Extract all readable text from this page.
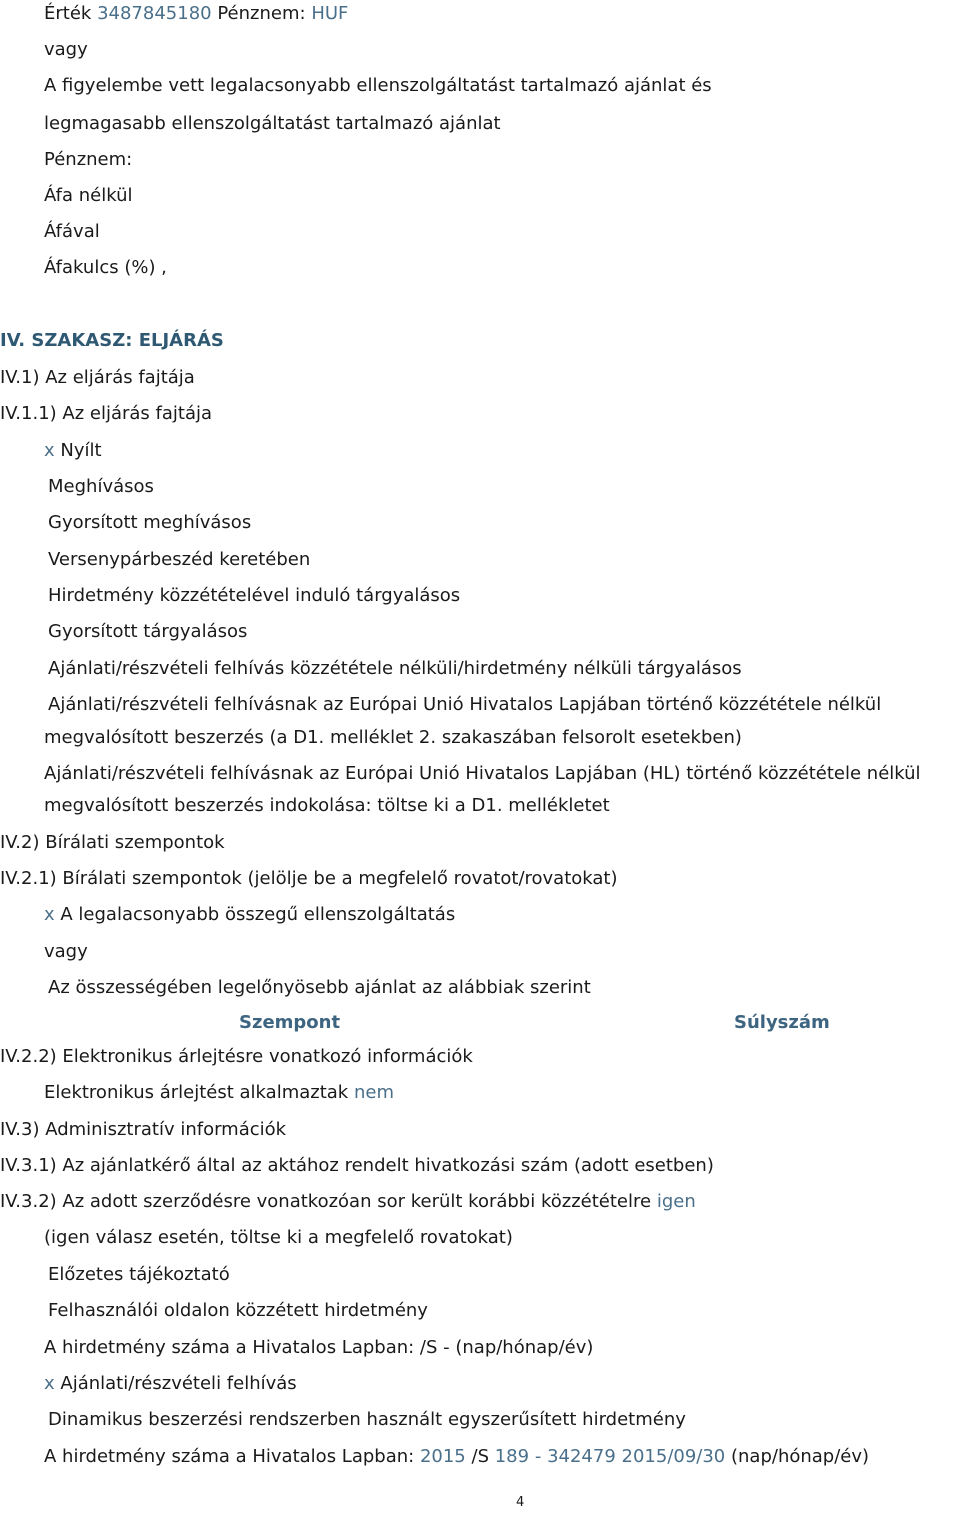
Érték 3487845180 Pénznem: HUF
vagy
A figyelembe vett legalacsonyabb ellenszolgáltatást tartalmazó ajánlat és
legmagasabb ellenszolgáltatást tartalmazó ajánlat
Pénznem:
Áfa nélkül
Áfával
Áfakulcs (%) ,
IV. SZAKASZ: ELJÁRÁS
IV.1) Az eljárás fajtája
IV.1.1) Az eljárás fajtája
x Nyílt
Meghívásos
Gyorsított meghívásos
Versenypárbeszéd keretében
Hirdetmény közzétételével induló tárgyalásos
Gyorsított tárgyalásos
Ajánlati/részvételi felhívás közzététele nélküli/hirdetmény nélküli tárgyalásos
Ajánlati/részvételi felhívásnak az Európai Unió Hivatalos Lapjában történő közzététele nélkül
megvalósított beszerzés (a D1. melléklet 2. szakaszában felsorolt esetekben)
Ajánlati/részvételi felhívásnak az Európai Unió Hivatalos Lapjában (HL) történő közzététele nélkül
megvalósított beszerzés indokolása: töltse ki a D1. mellékletet
IV.2) Bírálati szempontok
IV.2.1) Bírálati szempontok (jelölje be a megfelelő rovatot/rovatokat)
x A legalacsonyabb összegű ellenszolgáltatás
vagy
Az összességében legelőnyösebb ajánlat az alábbiak szerint
Szempont	Súlyszám
IV.2.2) Elektronikus árlejtésre vonatkozó információk
Elektronikus árlejtést alkalmaztak nem
IV.3) Adminisztratív információk
IV.3.1) Az ajánlatkérő által az aktához rendelt hivatkozási szám (adott esetben)
IV.3.2) Az adott szerződésre vonatkozóan sor került korábbi közzétételre igen
(igen válasz esetén, töltse ki a megfelelő rovatokat)
Előzetes tájékoztató
Felhasználói oldalon közzétett hirdetmény
A hirdetmény száma a Hivatalos Lapban: /S - (nap/hónap/év)
x Ajánlati/részvételi felhívás
Dinamikus beszerzési rendszerben használt egyszerűsített hirdetmény
A hirdetmény száma a Hivatalos Lapban: 2015 /S 189 - 342479 2015/09/30 (nap/hónap/év)
4
